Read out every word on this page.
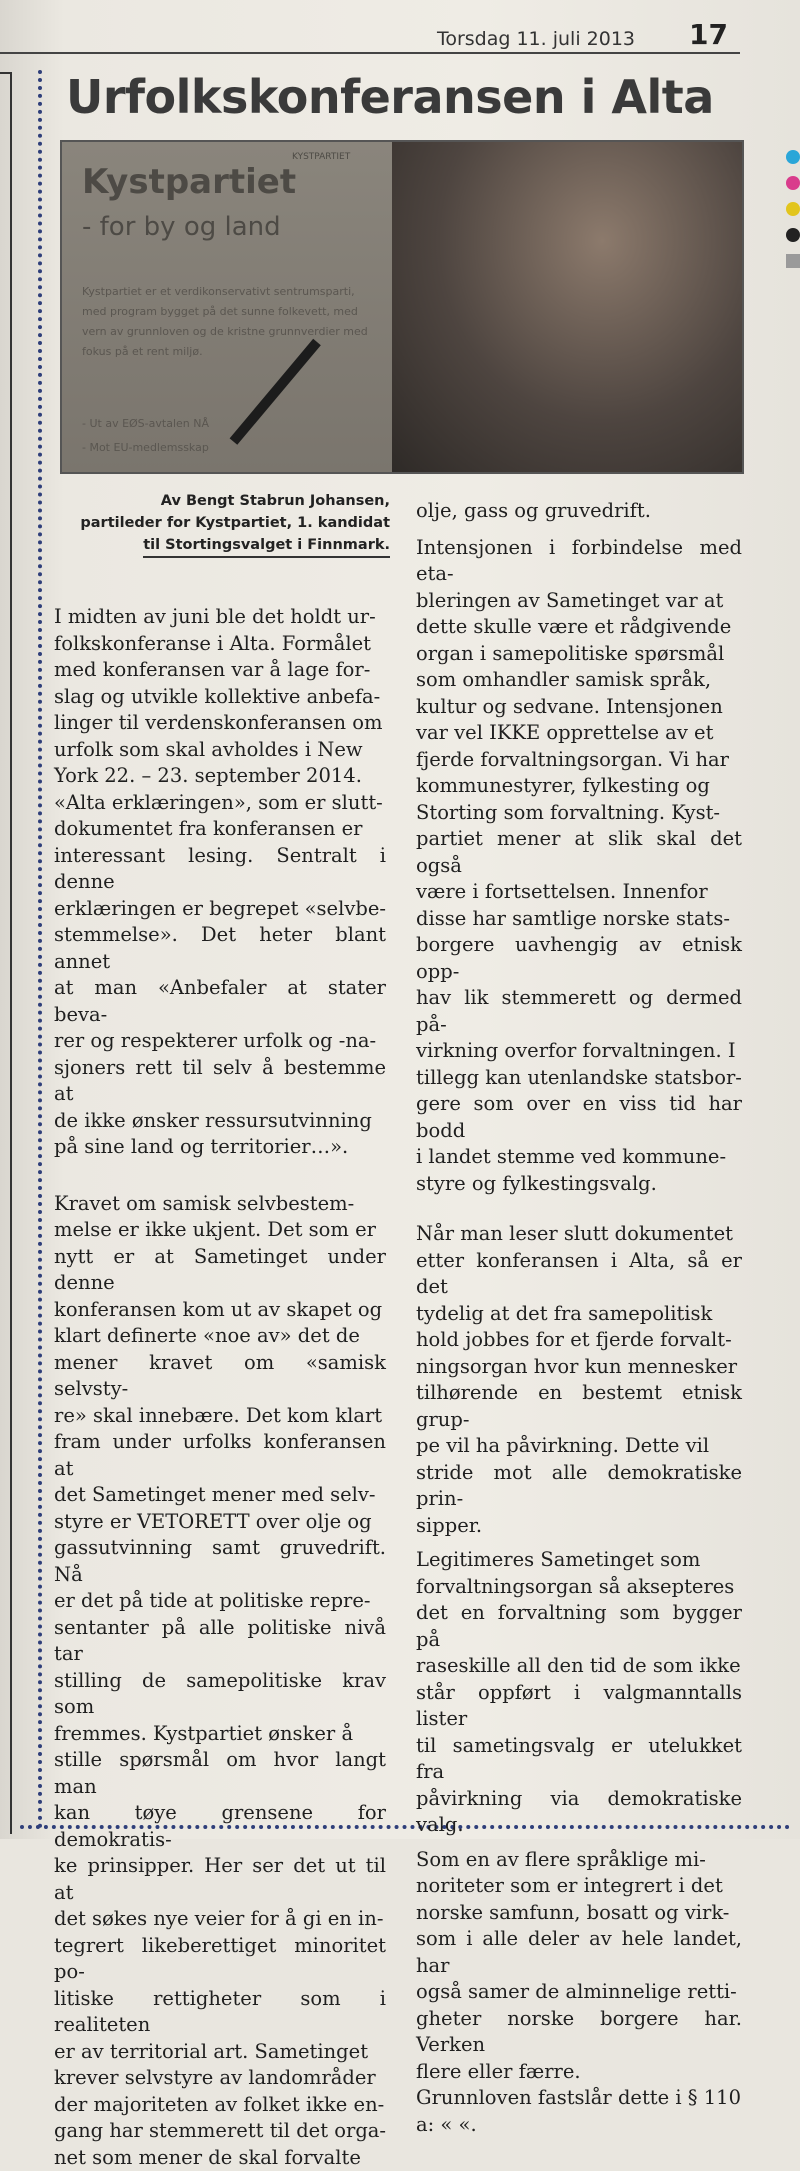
Torsdag 11. juli 2013 17
Urfolkskonferansen i Alta
KYSTPARTIET
Kystpartiet
- for by og land
Kystpartiet er et verdikonservativt sentrumsparti, med program bygget på det sunne folkevett, med vern av grunnloven og de kristne grunnverdier med fokus på et rent miljø.
- Ut av EØS-avtalen NÅ
- Mot EU-medlemsskap
Av Bengt Stabrun Johansen,
partileder for Kystpartiet, 1. kandidat
til Stortingsvalget i Finnmark.

I midten av juni ble det holdt ur-
folkskonferanse i Alta. Formålet
med konferansen var å lage for-
slag og utvikle kollektive anbefa-
linger til verdenskonferansen om
urfolk som skal avholdes i New
York 22. – 23. september 2014.
«Alta erklæringen», som er slutt-
dokumentet fra konferansen er
interessant lesing. Sentralt i denne
erklæringen er begrepet «selvbe-
stemmelse». Det heter blant annet
at man «Anbefaler at stater beva-
rer og respekterer urfolk og -na-
sjoners rett til selv å bestemme at
de ikke ønsker ressursutvinning
på sine land og territorier…».

Kravet om samisk selvbestem-
melse er ikke ukjent. Det som er
nytt er at Sametinget under denne
konferansen kom ut av skapet og
klart definerte «noe av» det de
mener kravet om «samisk selvsty-
re» skal innebære. Det kom klart
fram under urfolks konferansen at
det Sametinget mener med selv-
styre er VETORETT over olje og
gassutvinning samt gruvedrift. Nå
er det på tide at politiske repre-
sentanter på alle politiske nivå tar
stilling de samepolitiske krav som
fremmes. Kystpartiet ønsker å
stille spørsmål om hvor langt man
kan tøye grensene for demokratis-
ke prinsipper. Her ser det ut til at
det søkes nye veier for å gi en in-
tegrert likeberettiget minoritet po-
litiske rettigheter som i realiteten
er av territorial art. Sametinget
krever selvstyre av landområder
der majoriteten av folket ikke en-
gang har stemmerett til det orga-
net som mener de skal forvalte

olje, gass og gruvedrift.

Intensjonen i forbindelse med eta-
bleringen av Sametinget var at
dette skulle være et rådgivende
organ i samepolitiske spørsmål
som omhandler samisk språk,
kultur og sedvane. Intensjonen
var vel IKKE opprettelse av et
fjerde forvaltningsorgan. Vi har
kommunestyrer, fylkesting og
Storting som forvaltning. Kyst-
partiet mener at slik skal det også
være i fortsettelsen. Innenfor
disse har samtlige norske stats-
borgere uavhengig av etnisk opp-
hav lik stemmerett og dermed på-
virkning overfor forvaltningen. I
tillegg kan utenlandske statsbor-
gere som over en viss tid har bodd
i landet stemme ved kommune-
styre og fylkestingsvalg.

Når man leser slutt dokumentet
etter konferansen i Alta, så er det
tydelig at det fra samepolitisk
hold jobbes for et fjerde forvalt-
ningsorgan hvor kun mennesker
tilhørende en bestemt etnisk grup-
pe vil ha påvirkning. Dette vil
stride mot alle demokratiske prin-
sipper.

Legitimeres Sametinget som
forvaltningsorgan så aksepteres
det en forvaltning som bygger på
raseskille all den tid de som ikke
står oppført i valgmanntalls lister
til sametingsvalg er utelukket fra
påvirkning via demokratiske valg.

Som en av flere språklige mi-
noriteter som er integrert i det
norske samfunn, bosatt og virk-
som i alle deler av hele landet, har
også samer de alminnelige retti-
gheter norske borgere har. Verken
flere eller færre.

Grunnloven fastslår dette i § 110
a: « «.
